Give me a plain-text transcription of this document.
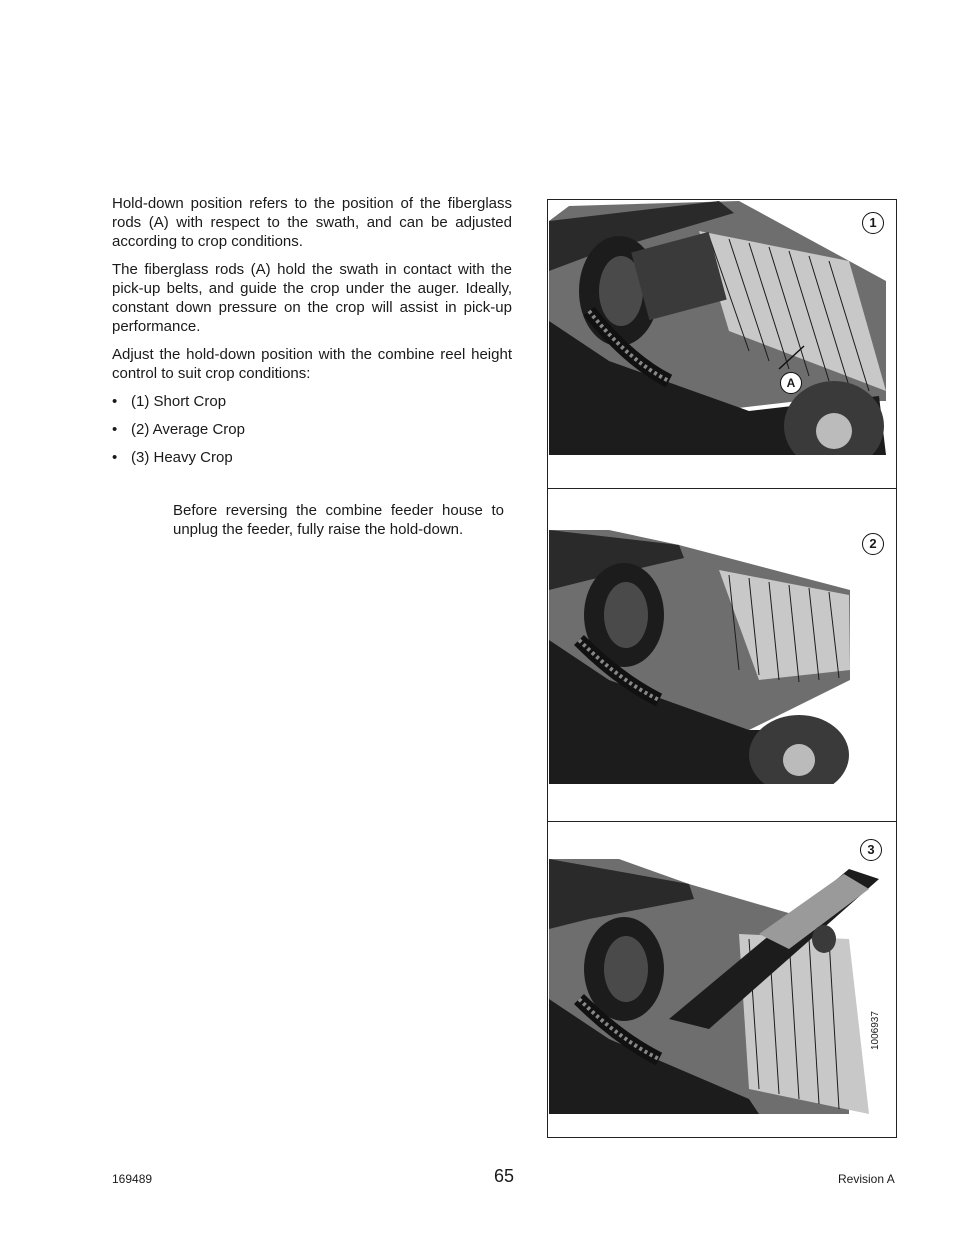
Hold-down position refers to the position of the fiberglass rods (A) with respect to the swath, and can be adjusted according to crop conditions.

The fiberglass rods (A) hold the swath in contact with the pick-up belts, and guide the crop under the auger. Ideally, constant down pressure on the crop will assist in pick-up performance.

Adjust the hold-down position with the combine reel height control to suit crop conditions:

• (1) Short Crop
• (2) Average Crop
• (3) Heavy Crop
Before reversing the combine feeder house to unplug the feeder, fully raise the hold-down.
1
A
2
3
1006937
169489	65	Revision A
